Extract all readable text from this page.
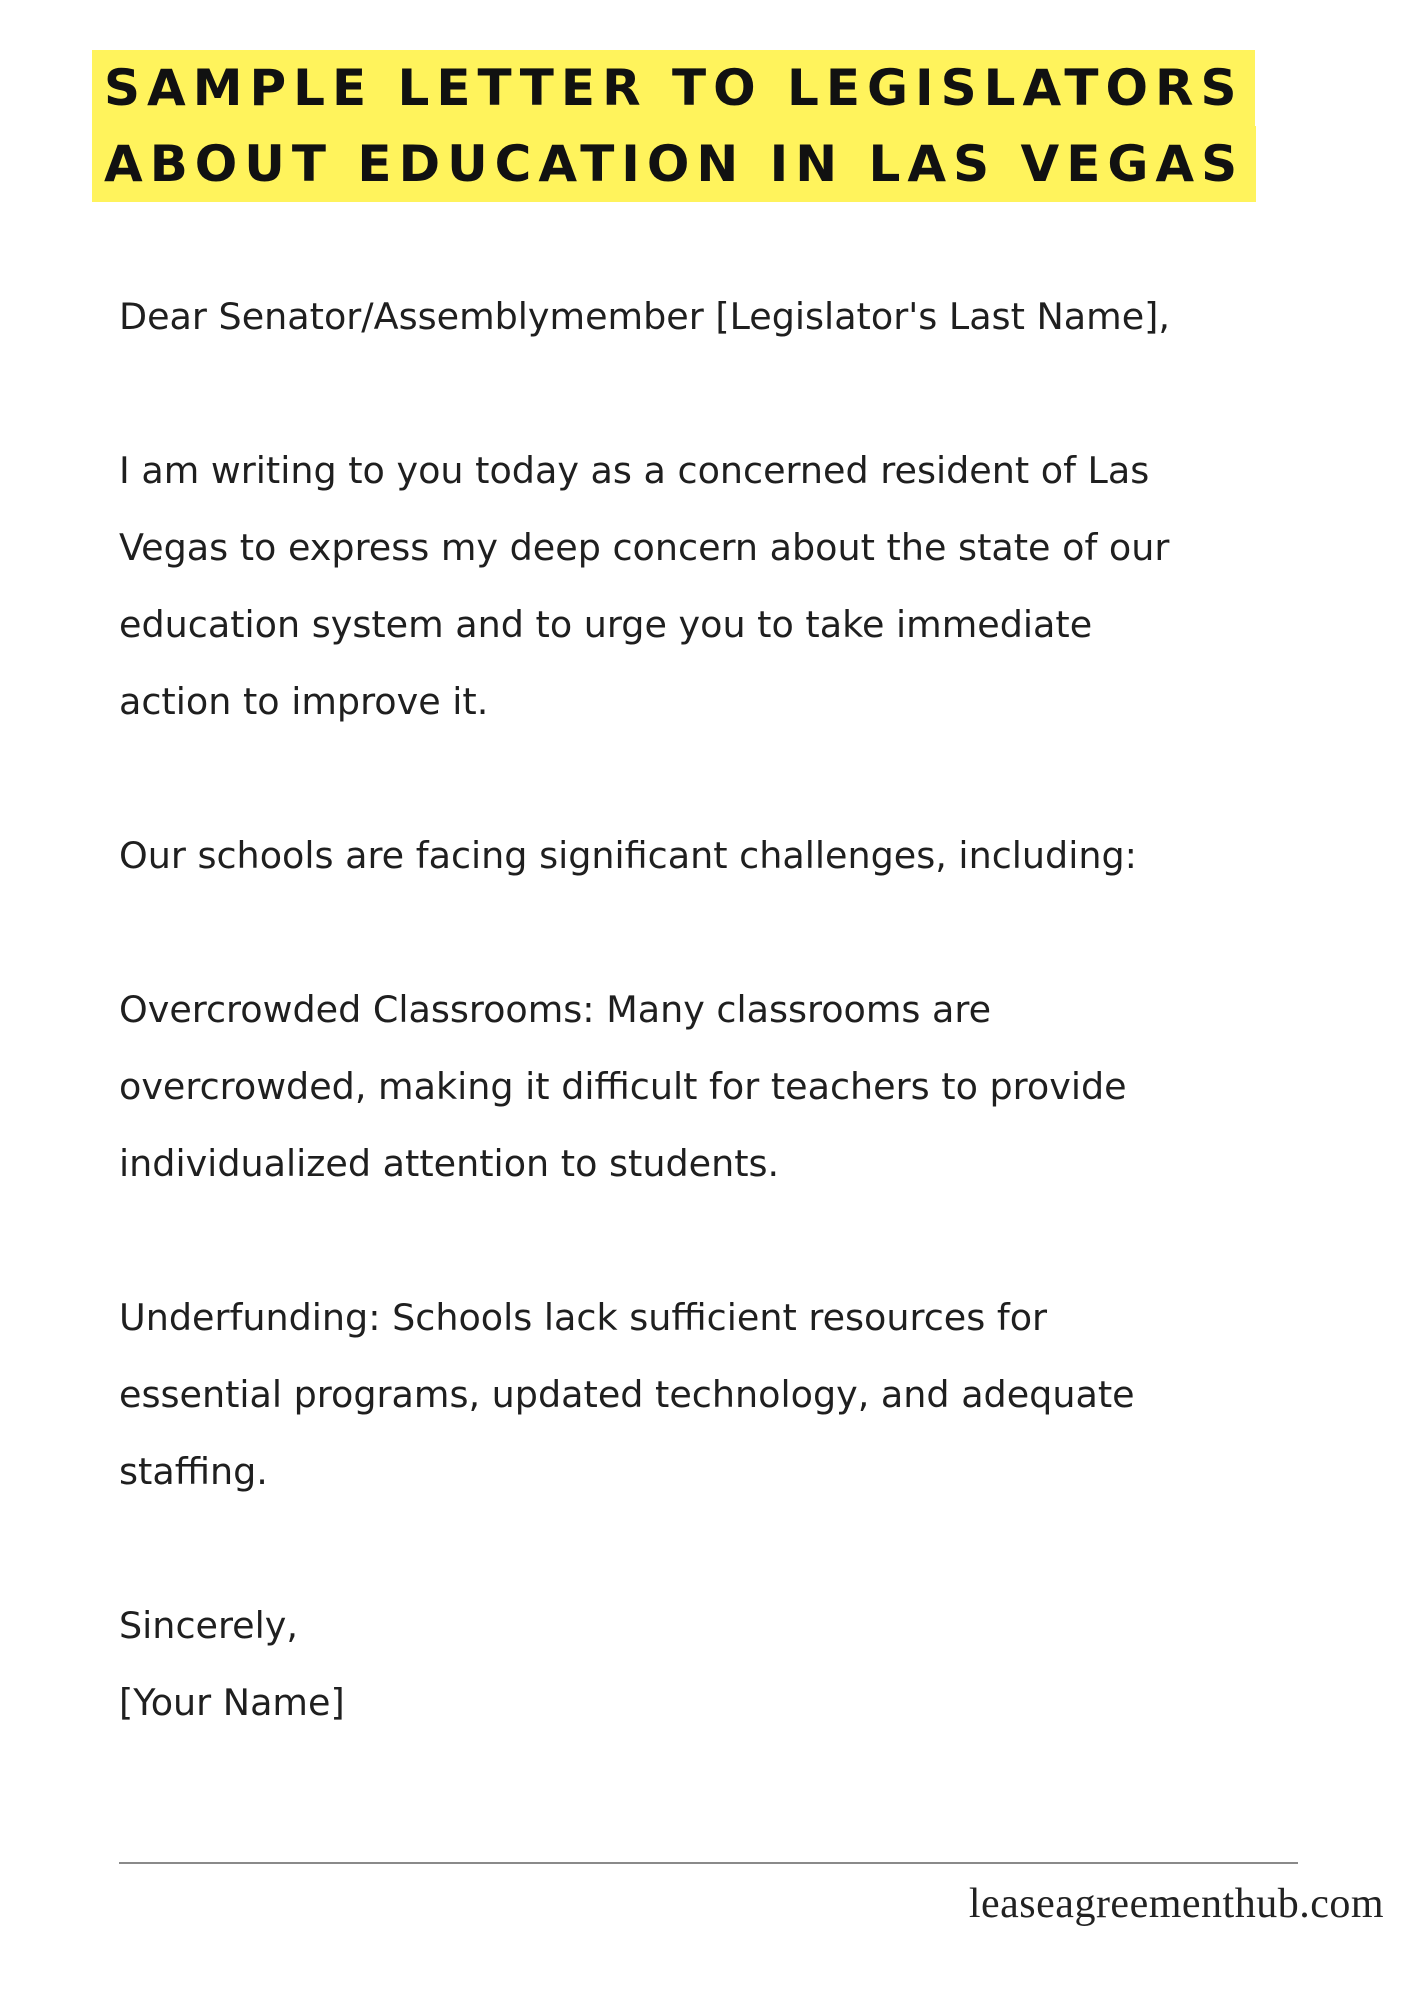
SAMPLE LETTER TO LEGISLATORS
ABOUT EDUCATION IN LAS VEGAS

Dear Senator/Assemblymember [Legislator's Last Name],

I am writing to you today as a concerned resident of Las

Vegas to express my deep concern about the state of our

education system and to urge you to take immediate

action to improve it.

Our schools are facing significant challenges, including:

Overcrowded Classrooms: Many classrooms are

overcrowded, making it difficult for teachers to provide

individualized attention to students.

Underfunding: Schools lack sufficient resources for

essential programs, updated technology, and adequate

staffing.

Sincerely,

[Your Name]

leaseagreementhub.com
